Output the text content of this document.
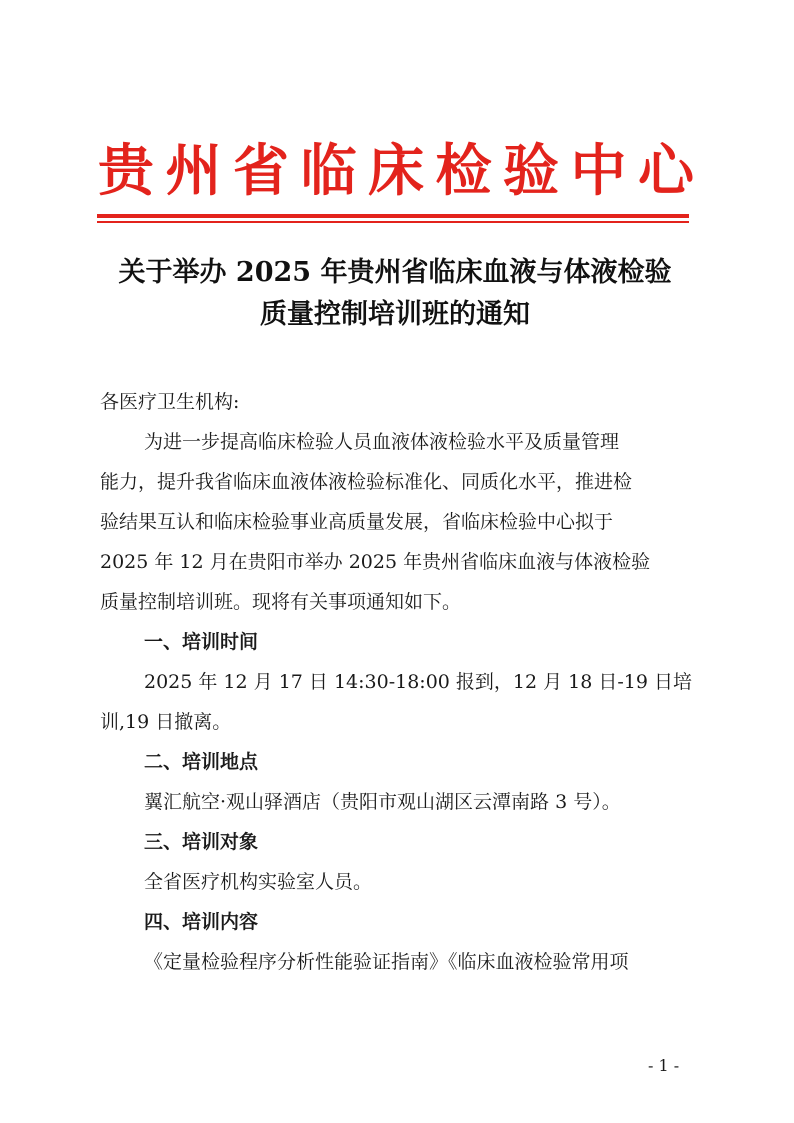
贵 州 省 临 床 检 验 中 心
关于举办 2025 年贵州省临床血液与体液检验
质量控制培训班的通知
各医疗卫生机构:
为进一步提高临床检验人员血液体液检验水平及质量管理
能力，提升我省临床血液体液检验标准化、同质化水平，推进检
验结果互认和临床检验事业高质量发展，省临床检验中心拟于
2025 年 12 月在贵阳市举办 2025 年贵州省临床血液与体液检验
质量控制培训班。现将有关事项通知如下。
一、培训时间
2025 年 12 月 17 日 14:30-18:00 报到，12 月 18 日-19 日培
训,19 日撤离。
二、培训地点
翼汇航空·观山驿酒店（贵阳市观山湖区云潭南路 3 号）。
三、培训对象
全省医疗机构实验室人员。
四、培训内容
《定量检验程序分析性能验证指南》《临床血液检验常用项
- 1 -
